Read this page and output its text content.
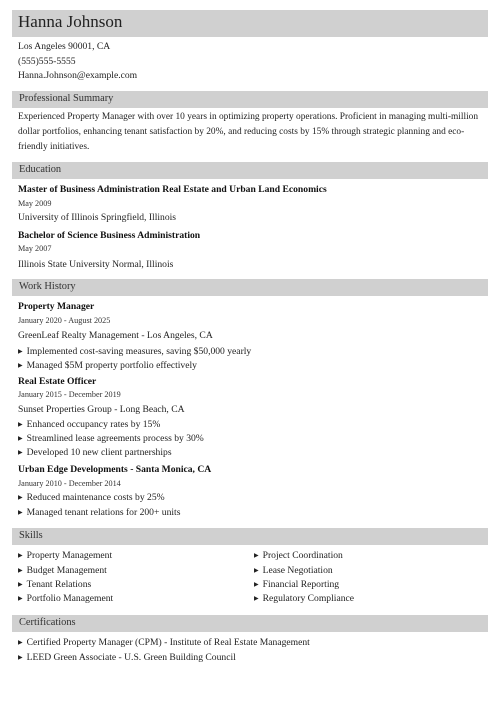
Hanna Johnson
Los Angeles 90001, CA
(555)555-5555
Hanna.Johnson@example.com
Professional Summary
Experienced Property Manager with over 10 years in optimizing property operations. Proficient in managing multi-million dollar portfolios, enhancing tenant satisfaction by 20%, and reducing costs by 15% through strategic planning and eco-friendly initiatives.
Education
Master of Business Administration Real Estate and Urban Land Economics
May 2009
University of Illinois Springfield, Illinois
Bachelor of Science Business Administration
May 2007
Illinois State University Normal, Illinois
Work History
Property Manager
January 2020 - August 2025
GreenLeaf Realty Management - Los Angeles, CA
▶ Implemented cost-saving measures, saving $50,000 yearly
▶ Managed $5M property portfolio effectively
Real Estate Officer
January 2015 - December 2019
Sunset Properties Group - Long Beach, CA
▶ Enhanced occupancy rates by 15%
▶ Streamlined lease agreements process by 30%
▶ Developed 10 new client partnerships
Urban Edge Developments - Santa Monica, CA
January 2010 - December 2014
▶ Reduced maintenance costs by 25%
▶ Managed tenant relations for 200+ units
Skills
▶ Property Management
▶ Budget Management
▶ Tenant Relations
▶ Portfolio Management
▶ Project Coordination
▶ Lease Negotiation
▶ Financial Reporting
▶ Regulatory Compliance
Certifications
▶ Certified Property Manager (CPM) - Institute of Real Estate Management
▶ LEED Green Associate - U.S. Green Building Council
